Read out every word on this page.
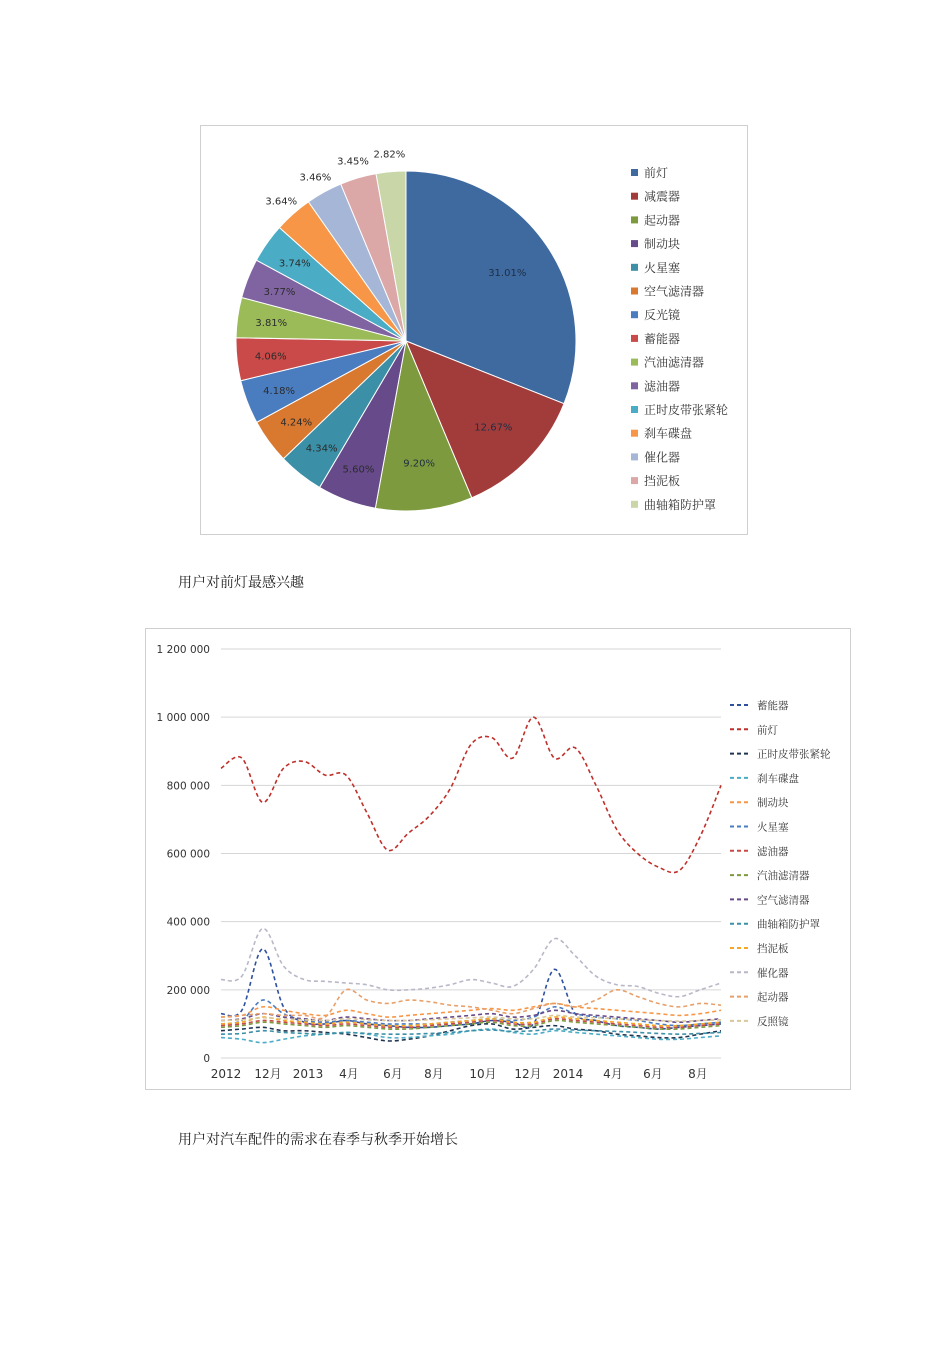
31.01%
12.67%
9.20%
5.60%
4.34%
4.24%
4.18%
4.06%
3.81%
3.77%
3.74%
3.64%
3.46%
3.45%
2.82%
前灯
减震器
起动器
制动块
火星塞
空气滤清器
反光镜
蓄能器
汽油滤清器
滤油器
正时皮带张紧轮
刹车碟盘
催化器
挡泥板
曲轴箱防护罩
用户对前灯最感兴趣
0
200 000
400 000
600 000
800 000
1 000 000
1 200 000
2012 12月 2013 4月 6月 8月 10月 12月 2014 4月 6月 8月
蓄能器
前灯
正时皮带张紧轮
刹车碟盘
制动块
火星塞
滤油器
汽油滤清器
空气滤清器
曲轴箱防护罩
挡泥板
催化器
起动器
反照镜
用户对汽车配件的需求在春季与秋季开始增长
